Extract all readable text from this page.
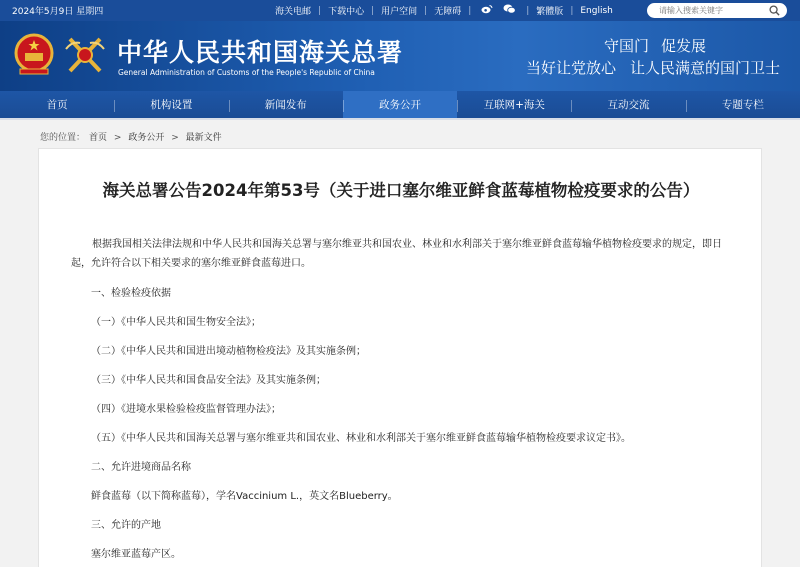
2024年5月9日 星期四	海关电邮 | 下载中心 | 用户空间 | 无障碍 |	| 繁體版 | English
请输入搜索关键字
中华人民共和国海关总署
General Administration of Customs of the People's Republic of China
守国门 促发展
当好让党放心 让人民满意的国门卫士
首页	机构设置	新闻发布	政务公开	互联网+海关	互动交流	专题专栏
您的位置： 首页 > 政务公开 > 最新文件
海关总署公告2024年第53号（关于进口塞尔维亚鲜食蓝莓植物检疫要求的公告）
根据我国相关法律法规和中华人民共和国海关总署与塞尔维亚共和国农业、林业和水利部关于塞尔维亚鲜食蓝莓输华植物检疫要求的规定，即日起，允许符合以下相关要求的塞尔维亚鲜食蓝莓进口。
一、检验检疫依据
（一）《中华人民共和国生物安全法》；
（二）《中华人民共和国进出境动植物检疫法》及其实施条例；
（三）《中华人民共和国食品安全法》及其实施条例；
（四）《进境水果检验检疫监督管理办法》；
（五）《中华人民共和国海关总署与塞尔维亚共和国农业、林业和水利部关于塞尔维亚鲜食蓝莓输华植物检疫要求议定书》。
二、允许进境商品名称
鲜食蓝莓（以下简称蓝莓），学名Vaccinium L.，英文名Blueberry。
三、允许的产地
塞尔维亚蓝莓产区。
